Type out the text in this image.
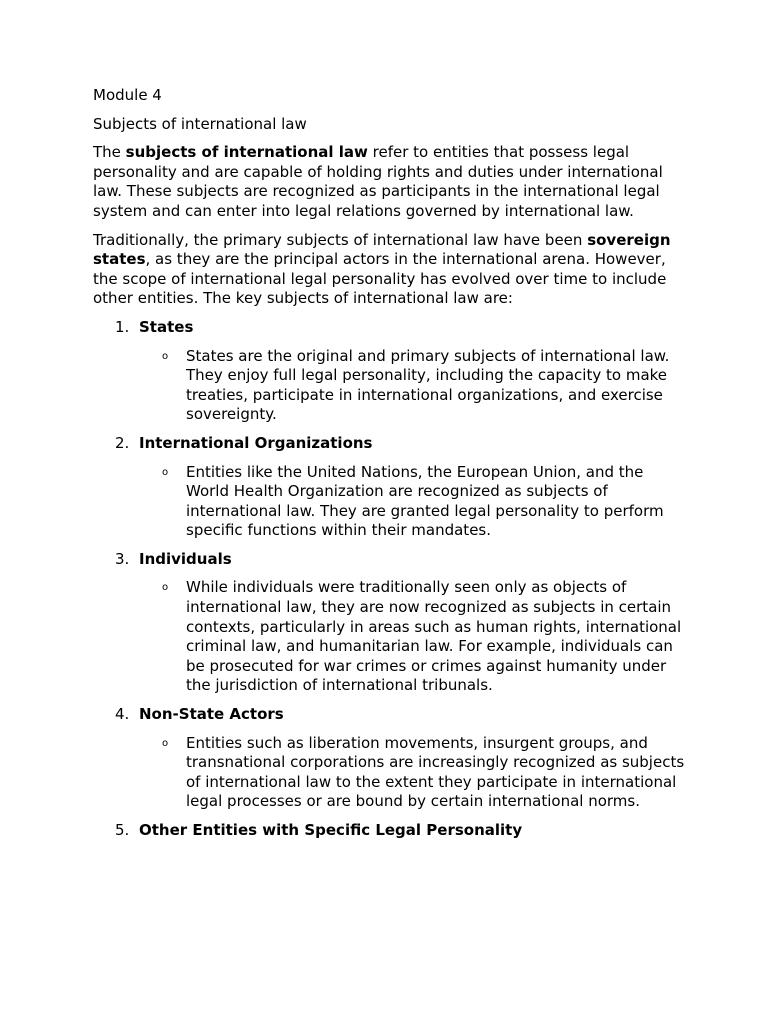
Module 4

Subjects of international law

The subjects of international law refer to entities that possess legal personality and are capable of holding rights and duties under international law. These subjects are recognized as participants in the international legal system and can enter into legal relations governed by international law.

Traditionally, the primary subjects of international law have been sovereign states, as they are the principal actors in the international arena. However, the scope of international legal personality has evolved over time to include other entities. The key subjects of international law are:

1. States
o States are the original and primary subjects of international law. They enjoy full legal personality, including the capacity to make treaties, participate in international organizations, and exercise sovereignty.
2. International Organizations
o Entities like the United Nations, the European Union, and the World Health Organization are recognized as subjects of international law. They are granted legal personality to perform specific functions within their mandates.
3. Individuals
o While individuals were traditionally seen only as objects of international law, they are now recognized as subjects in certain contexts, particularly in areas such as human rights, international criminal law, and humanitarian law. For example, individuals can be prosecuted for war crimes or crimes against humanity under the jurisdiction of international tribunals.
4. Non-State Actors
o Entities such as liberation movements, insurgent groups, and transnational corporations are increasingly recognized as subjects of international law to the extent they participate in international legal processes or are bound by certain international norms.
5. Other Entities with Specific Legal Personality
